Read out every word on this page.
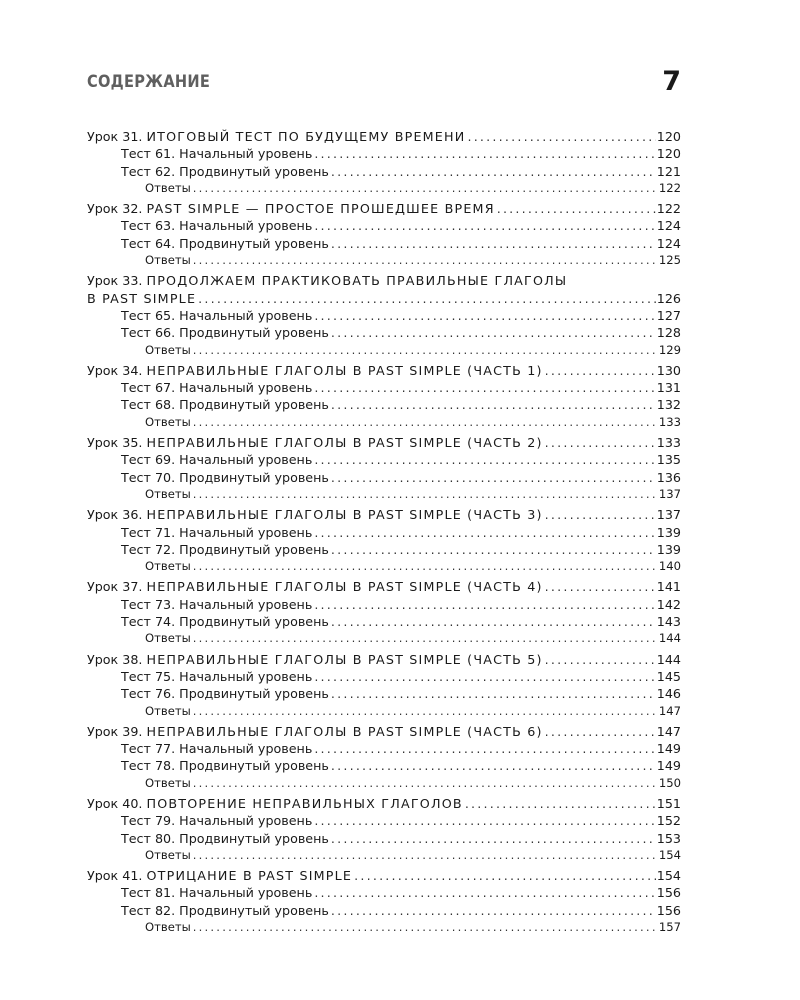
СОДЕРЖАНИЕ	7
Урок 31. ИТОГОВЫЙ ТЕСТ ПО БУДУЩЕМУ ВРЕМЕНИ .....	120
Тест 61. Начальный уровень .....	120
Тест 62. Продвинутый уровень .....	121
Ответы .....	122
Урок 32. PAST SIMPLE — ПРОСТОЕ ПРОШЕДШЕЕ ВРЕМЯ .....	122
Тест 63. Начальный уровень .....	124
Тест 64. Продвинутый уровень .....	124
Ответы .....	125
Урок 33. ПРОДОЛЖАЕМ ПРАКТИКОВАТЬ ПРАВИЛЬНЫЕ ГЛАГОЛЫ
В PAST SIMPLE .....	126
Тест 65. Начальный уровень .....	127
Тест 66. Продвинутый уровень .....	128
Ответы .....	129
Урок 34. НЕПРАВИЛЬНЫЕ ГЛАГОЛЫ В PAST SIMPLE (ЧАСТЬ 1) .....	130
Тест 67. Начальный уровень .....	131
Тест 68. Продвинутый уровень .....	132
Ответы .....	133
Урок 35. НЕПРАВИЛЬНЫЕ ГЛАГОЛЫ В PAST SIMPLE (ЧАСТЬ 2) .....	133
Тест 69. Начальный уровень .....	135
Тест 70. Продвинутый уровень .....	136
Ответы .....	137
Урок 36. НЕПРАВИЛЬНЫЕ ГЛАГОЛЫ В PAST SIMPLE (ЧАСТЬ 3) .....	137
Тест 71. Начальный уровень .....	139
Тест 72. Продвинутый уровень .....	139
Ответы .....	140
Урок 37. НЕПРАВИЛЬНЫЕ ГЛАГОЛЫ В PAST SIMPLE (ЧАСТЬ 4) .....	141
Тест 73. Начальный уровень .....	142
Тест 74. Продвинутый уровень .....	143
Ответы .....	144
Урок 38. НЕПРАВИЛЬНЫЕ ГЛАГОЛЫ В PAST SIMPLE (ЧАСТЬ 5) .....	144
Тест 75. Начальный уровень .....	145
Тест 76. Продвинутый уровень .....	146
Ответы .....	147
Урок 39. НЕПРАВИЛЬНЫЕ ГЛАГОЛЫ В PAST SIMPLE (ЧАСТЬ 6) .....	147
Тест 77. Начальный уровень .....	149
Тест 78. Продвинутый уровень .....	149
Ответы .....	150
Урок 40. ПОВТОРЕНИЕ НЕПРАВИЛЬНЫХ ГЛАГОЛОВ .....	151
Тест 79. Начальный уровень .....	152
Тест 80. Продвинутый уровень .....	153
Ответы .....	154
Урок 41. ОТРИЦАНИЕ В PAST SIMPLE .....	154
Тест 81. Начальный уровень .....	156
Тест 82. Продвинутый уровень .....	156
Ответы .....	157
